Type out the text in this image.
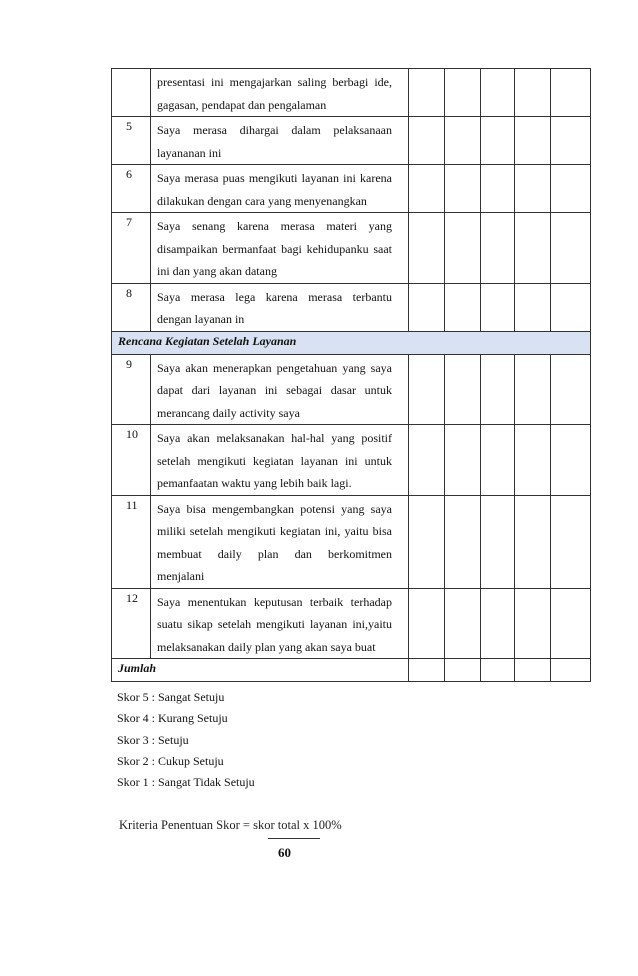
	presentasi ini mengajarkan saling berbagi ide,
gagasan, pendapat dan pengalaman					

5	Saya merasa dihargai dalam pelaksanaan
layananan ini					

6	Saya merasa puas mengikuti layanan ini karena
dilakukan dengan cara yang menyenangkan					

7	Saya senang karena merasa materi yang
disampaikan bermanfaat bagi kehidupanku saat
ini dan yang akan datang					

8	Saya merasa lega karena merasa terbantu
dengan layanan in					

Rencana Kegiatan Setelah Layanan						
9	Saya akan menerapkan pengetahuan yang saya
dapat dari layanan ini sebagai dasar untuk
merancang daily activity saya					

10	Saya akan melaksanakan hal-hal yang positif
setelah mengikuti kegiatan layanan ini untuk
pemanfaatan waktu yang lebih baik lagi.					

11	Saya bisa mengembangkan potensi yang saya
miliki setelah mengikuti kegiatan ini, yaitu bisa
membuat daily plan dan berkomitmen
menjalani					

12	Saya menentukan keputusan terbaik terhadap
suatu sikap setelah mengikuti layanan ini,yaitu
melaksanakan daily plan yang akan saya buat					

Jumlah						
Skor 5 : Sangat Setuju
Skor 4 : Kurang Setuju
Skor 3 : Setuju
Skor 2 : Cukup Setuju
Skor 1 : Sangat Tidak Setuju
Kriteria Penentuan Skor = skor total x 100%
60
